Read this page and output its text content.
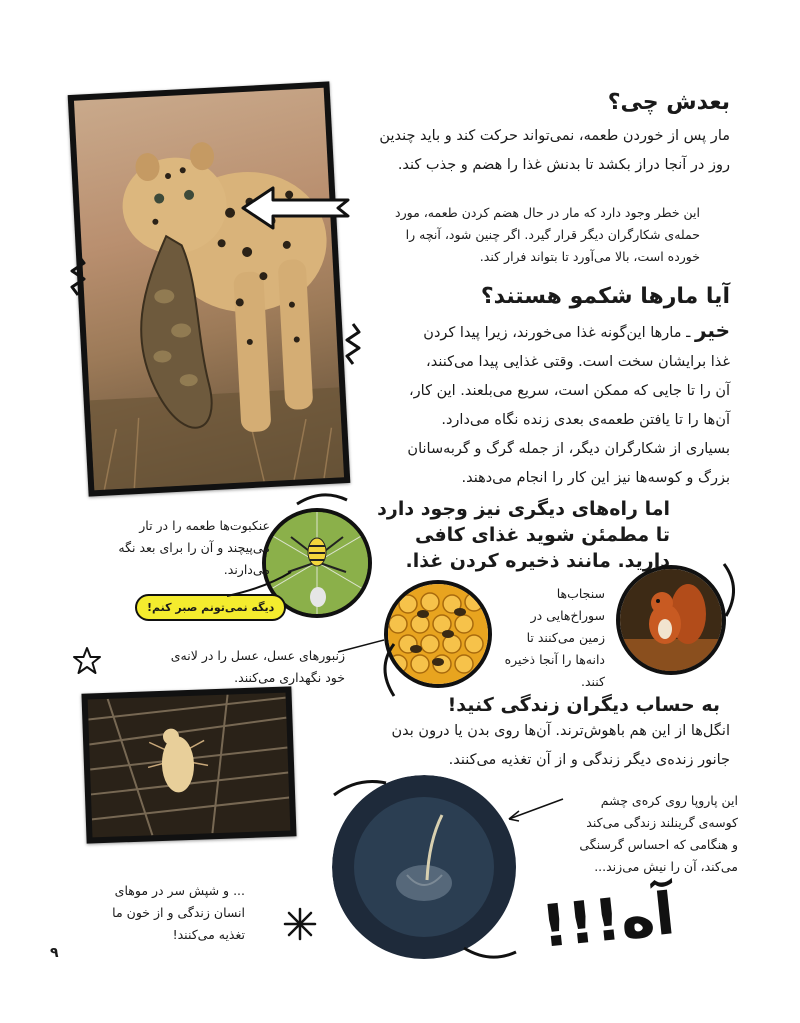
بعدش چی؟
مار پس از خوردن طعمه، نمی‌تواند حرکت کند و باید چندین
روز در آنجا دراز بکشد تا بدنش غذا را هضم و جذب کند.
این خطر وجود دارد که مار در حال هضم کردن طعمه، مورد
حمله‌ی شکارگران دیگر قرار گیرد. اگر چنین شود، آنچه را
خورده است، بالا می‌آورد تا بتواند فرار کند.
آیا مارها شکمو هستند؟
خیر ـ مارها این‌گونه غذا می‌خورند، زیرا پیدا کردن
غذا برایشان سخت است. وقتی غذایی پیدا می‌کنند،
آن را تا جایی که ممکن است، سریع می‌بلعند. این کار،
آن‌ها را تا یافتن طعمه‌ی بعدی زنده نگاه می‌دارد.
بسیاری از شکارگران دیگر، از جمله گرگ و گربه‌سانان
بزرگ و کوسه‌ها نیز این کار را انجام می‌دهند.
اما راه‌های دیگری نیز وجود دارد
تا مطمئن شوید غذای کافی
دارید. مانند ذخیره کردن غذا.
عنکبوت‌ها طعمه را در تار
می‌پیچند و آن را برای بعد نگه
می‌دارند.
دیگه نمی‌تونم صبر کنم!
سنجاب‌ها
سوراخ‌هایی در
زمین می‌کنند تا
دانه‌ها را آنجا ذخیره
کنند.
زنبورهای عسل، عسل را در لانه‌ی
خود نگهداری می‌کنند.
به حساب دیگران زندگی کنید!
انگل‌ها از این هم باهوش‌ترند. آن‌ها روی بدن یا درون بدن
جانور زنده‌ی دیگر زندگی و از آن تغذیه می‌کنند.
این پاروپا روی کره‌ی چشم
کوسه‌ی گرینلند زندگی می‌کند
و هنگامی که احساس گرسنگی
می‌کند، آن را نیش می‌زند...
... و شپش سر در موهای
انسان زندگی و از خون ما
تغذیه می‌کنند!	آه!!!
۹
